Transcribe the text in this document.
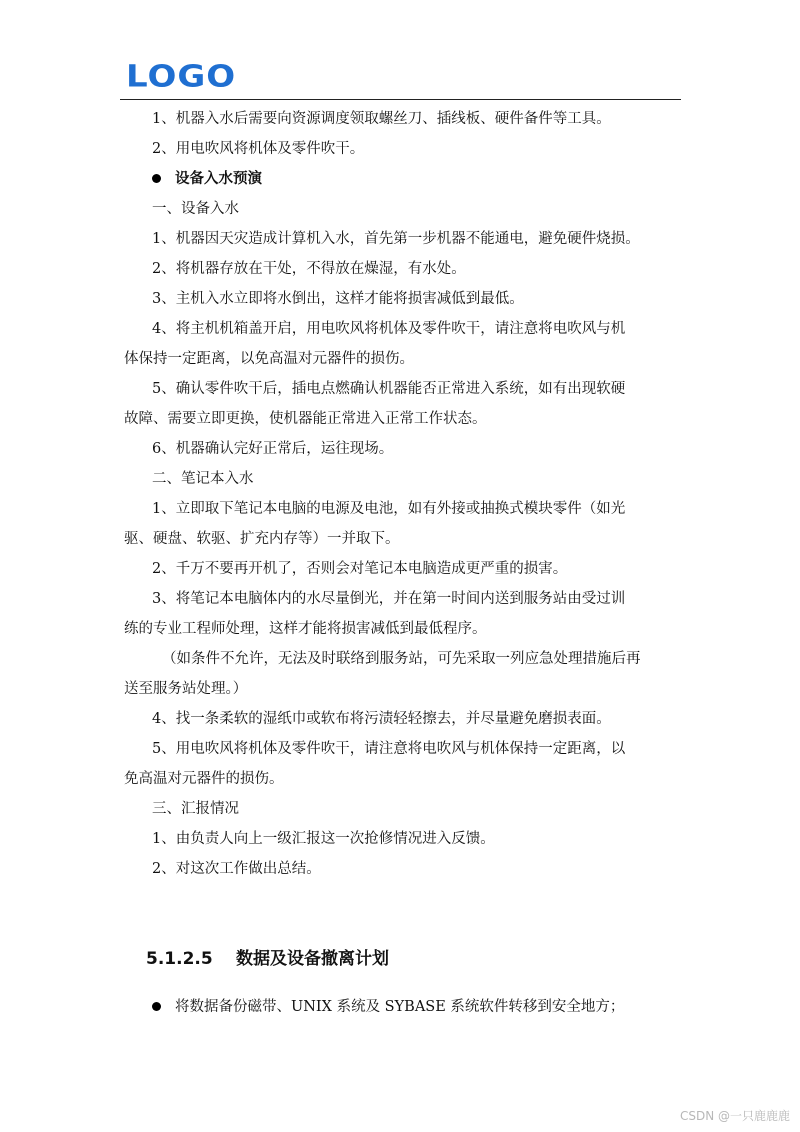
LOGO

1、机器入水后需要向资源调度领取螺丝刀、插线板、硬件备件等工具。

2、用电吹风将机体及零件吹干。

设备入水预演

一、设备入水

1、机器因天灾造成计算机入水，首先第一步机器不能通电，避免硬件烧损。

2、将机器存放在干处，不得放在燥湿，有水处。

3、主机入水立即将水倒出，这样才能将损害减低到最低。

4、将主机机箱盖开启，用电吹风将机体及零件吹干，请注意将电吹风与机

体保持一定距离，以免高温对元器件的损伤。

5、确认零件吹干后，插电点燃确认机器能否正常进入系统，如有出现软硬

故障、需要立即更换，使机器能正常进入正常工作状态。

6、机器确认完好正常后，运往现场。

二、笔记本入水

1、立即取下笔记本电脑的电源及电池，如有外接或抽换式模块零件（如光

驱、硬盘、软驱、扩充内存等）一并取下。

2、千万不要再开机了，否则会对笔记本电脑造成更严重的损害。

3、将笔记本电脑体内的水尽量倒光，并在第一时间内送到服务站由受过训

练的专业工程师处理，这样才能将损害减低到最低程序。

（如条件不允许，无法及时联络到服务站，可先采取一列应急处理措施后再

送至服务站处理。）

4、找一条柔软的湿纸巾或软布将污渍轻轻擦去，并尽量避免磨损表面。

5、用电吹风将机体及零件吹干，请注意将电吹风与机体保持一定距离，以

免高温对元器件的损伤。

三、汇报情况

1、由负责人向上一级汇报这一次抢修情况进入反馈。

2、对这次工作做出总结。

5.1.2.5 数据及设备撤离计划
将数据备份磁带、UNIX 系统及 SYBASE 系统软件转移到安全地方；
CSDN @一只鹿鹿鹿
